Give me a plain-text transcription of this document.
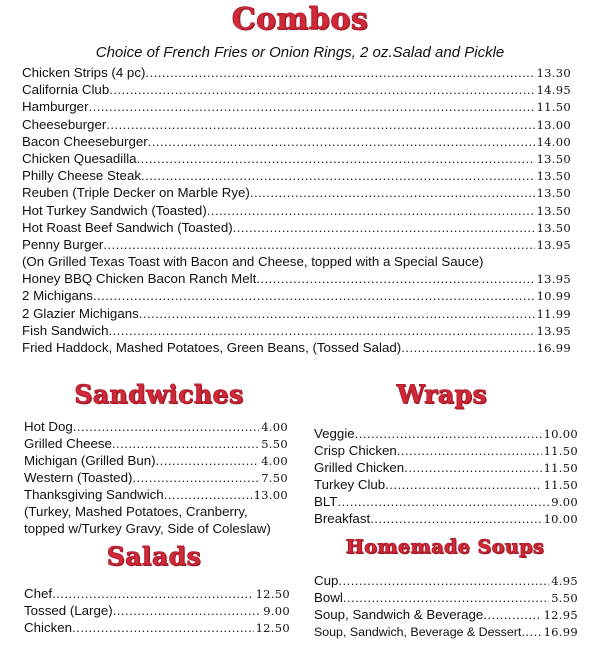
Combos
Choice of French Fries or Onion Rings, 2 oz.Salad and Pickle
Chicken Strips (4 pc) .....	13.30
California Club .....	14.95
Hamburger .....	11.50
Cheeseburger .....	13.00
Bacon Cheeseburger .....	14.00
Chicken Quesadilla .....	13.50
Philly Cheese Steak .....	13.50
Reuben (Triple Decker on Marble Rye) .....	13.50
Hot Turkey Sandwich (Toasted) .....	13.50
Hot Roast Beef Sandwich (Toasted) .....	13.50
Penny Burger .....	13.95
(On Grilled Texas Toast with Bacon and Cheese, topped with a Special Sauce)
Honey BBQ Chicken Bacon Ranch Melt .....	13.95
2 Michigans .....	10.99
2 Glazier Michigans .....	11.99
Fish Sandwich .....	13.95
Fried Haddock, Mashed Potatoes, Green Beans, (Tossed Salad) .....	16.99
Sandwiches
Hot Dog .....	4.00
Grilled Cheese .....	5.50
Michigan (Grilled Bun) .....	4.00
Western (Toasted) .....	7.50
Thanksgiving Sandwich .....	13.00
(Turkey, Mashed Potatoes, Cranberry,
topped w/Turkey Gravy, Side of Coleslaw)
Wraps
Veggie .....	10.00
Crisp Chicken .....	11.50
Grilled Chicken .....	11.50
Turkey Club .....	11.50
BLT .....	9.00
Breakfast .....	10.00
Salads
Chef .....	12.50
Tossed (Large) .....	9.00
Chicken .....	12.50
Homemade Soups
Cup .....	4.95
Bowl .....	5.50
Soup, Sandwich & Beverage .....	12.95
Soup, Sandwich, Beverage & Dessert ..... 16.99
